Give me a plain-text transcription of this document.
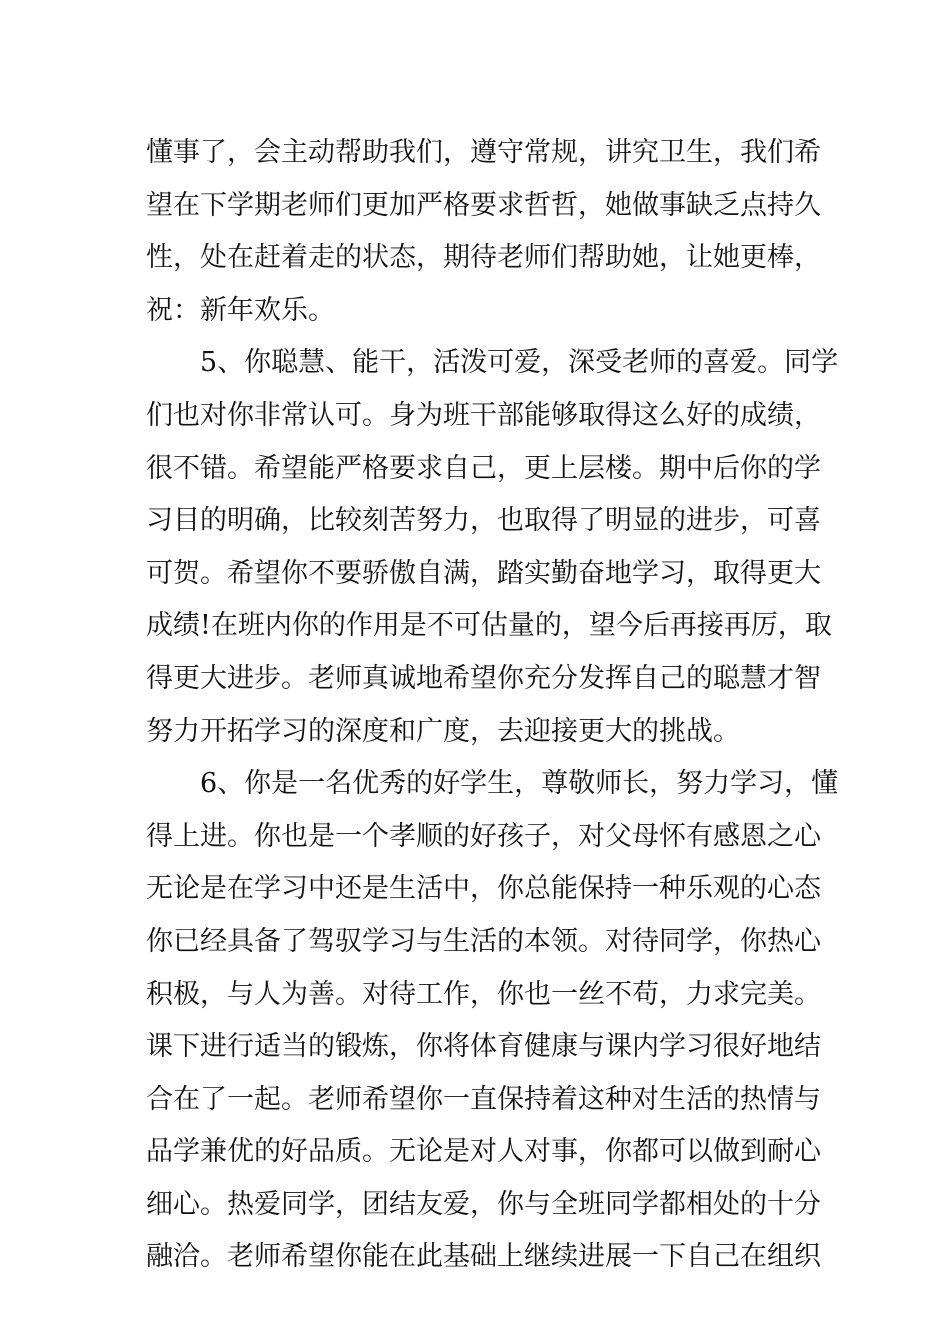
懂事了，会主动帮助我们，遵守常规，讲究卫生，我们希
望在下学期老师们更加严格要求哲哲，她做事缺乏点持久
性，处在赶着走的状态，期待老师们帮助她，让她更棒，
祝：新年欢乐。
5、你聪慧、能干，活泼可爱，深受老师的喜爱。同学
们也对你非常认可。身为班干部能够取得这么好的成绩，
很不错。希望能严格要求自己，更上层楼。期中后你的学
习目的明确，比较刻苦努力，也取得了明显的进步，可喜
可贺。希望你不要骄傲自满，踏实勤奋地学习，取得更大
成绩!在班内你的作用是不可估量的，望今后再接再厉，取
得更大进步。老师真诚地希望你充分发挥自己的聪慧才智
努力开拓学习的深度和广度，去迎接更大的挑战。
6、你是一名优秀的好学生，尊敬师长，努力学习，懂
得上进。你也是一个孝顺的好孩子，对父母怀有感恩之心
无论是在学习中还是生活中，你总能保持一种乐观的心态
你已经具备了驾驭学习与生活的本领。对待同学，你热心
积极，与人为善。对待工作，你也一丝不苟，力求完美。
课下进行适当的锻炼，你将体育健康与课内学习很好地结
合在了一起。老师希望你一直保持着这种对生活的热情与
品学兼优的好品质。无论是对人对事，你都可以做到耐心
细心。热爱同学，团结友爱，你与全班同学都相处的十分
融洽。老师希望你能在此基础上继续进展一下自己在组织
